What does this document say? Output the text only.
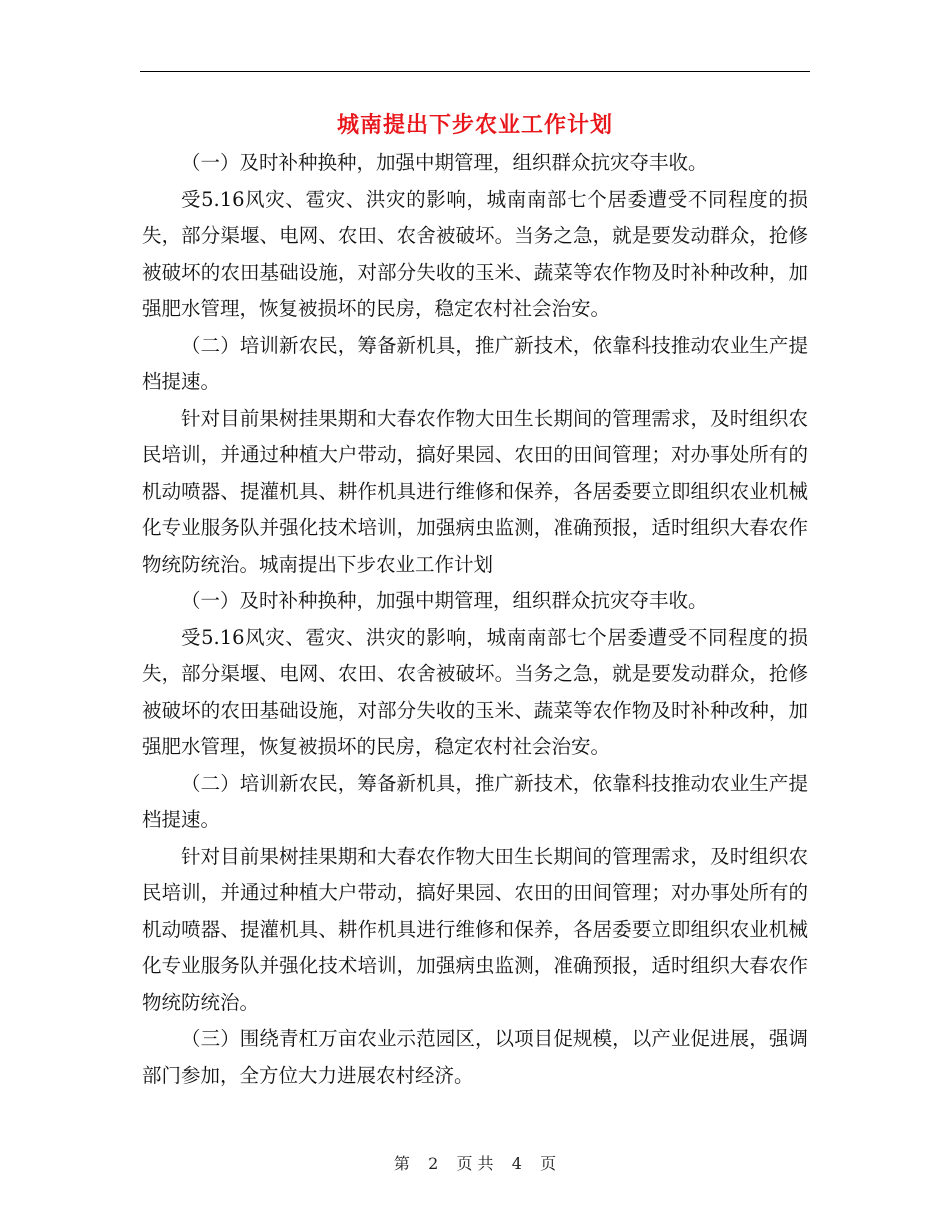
城南提出下步农业工作计划

（一）及时补种换种，加强中期管理，组织群众抗灾夺丰收。

受5.16风灾、雹灾、洪灾的影响，城南南部七个居委遭受不同程度的损失，部分渠堰、电网、农田、农舍被破坏。当务之急，就是要发动群众，抢修被破坏的农田基础设施，对部分失收的玉米、蔬菜等农作物及时补种改种，加强肥水管理，恢复被损坏的民房，稳定农村社会治安。

（二）培训新农民，筹备新机具，推广新技术，依靠科技推动农业生产提档提速。

针对目前果树挂果期和大春农作物大田生长期间的管理需求，及时组织农民培训，并通过种植大户带动，搞好果园、农田的田间管理；对办事处所有的机动喷器、提灌机具、耕作机具进行维修和保养，各居委要立即组织农业机械化专业服务队并强化技术培训，加强病虫监测，准确预报，适时组织大春农作物统防统治。城南提出下步农业工作计划

（一）及时补种换种，加强中期管理，组织群众抗灾夺丰收。

受5.16风灾、雹灾、洪灾的影响，城南南部七个居委遭受不同程度的损失，部分渠堰、电网、农田、农舍被破坏。当务之急，就是要发动群众，抢修被破坏的农田基础设施，对部分失收的玉米、蔬菜等农作物及时补种改种，加强肥水管理，恢复被损坏的民房，稳定农村社会治安。

（二）培训新农民，筹备新机具，推广新技术，依靠科技推动农业生产提档提速。

针对目前果树挂果期和大春农作物大田生长期间的管理需求，及时组织农民培训，并通过种植大户带动，搞好果园、农田的田间管理；对办事处所有的机动喷器、提灌机具、耕作机具进行维修和保养，各居委要立即组织农业机械化专业服务队并强化技术培训，加强病虫监测，准确预报，适时组织大春农作物统防统治。

（三）围绕青杠万亩农业示范园区，以项目促规模，以产业促进展，强调部门参加，全方位大力进展农村经济。

第 2 页 共 4 页
